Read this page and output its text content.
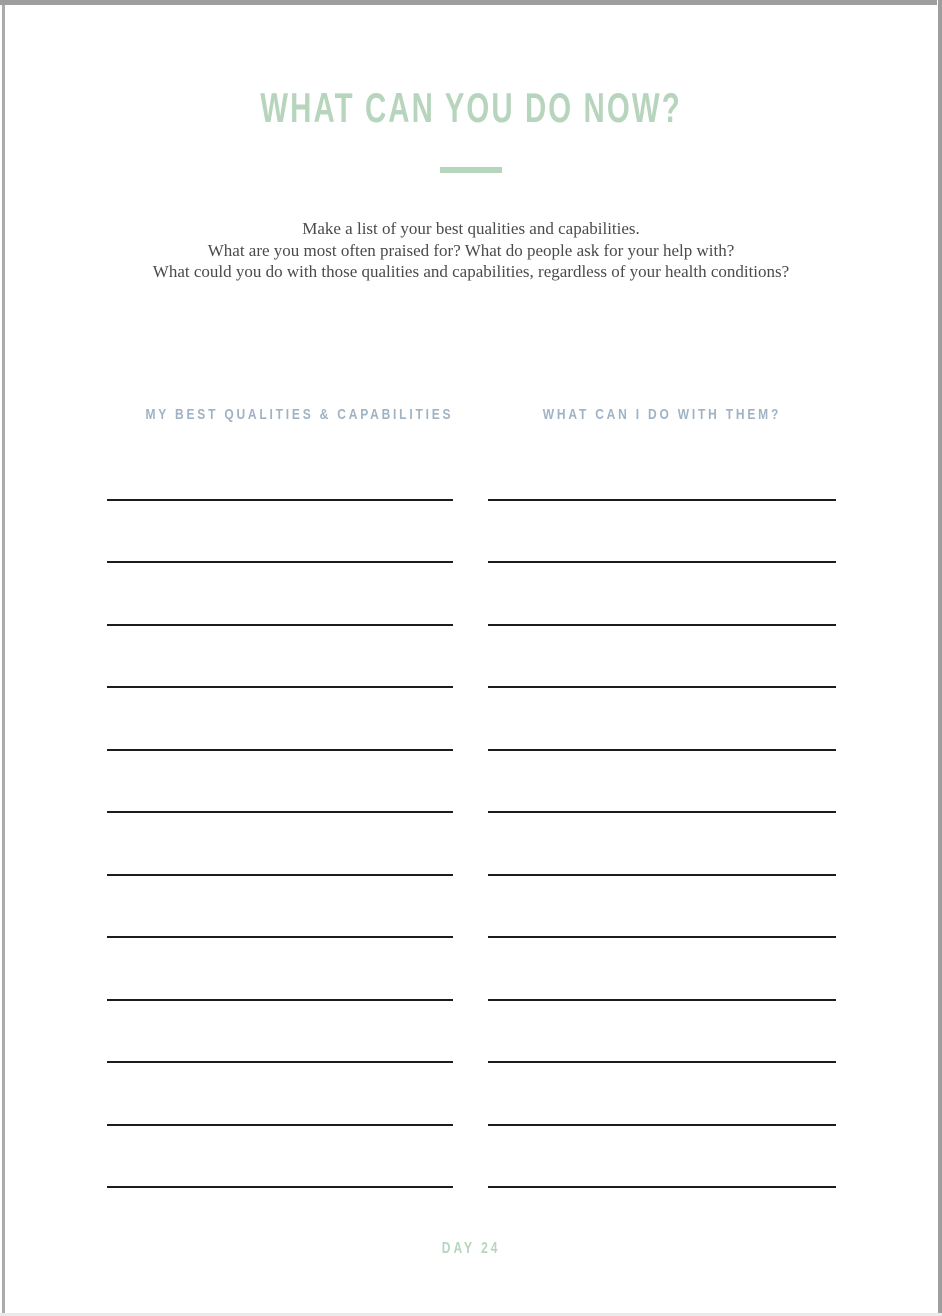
WHAT CAN YOU DO NOW?
Make a list of your best qualities and capabilities.
What are you most often praised for? What do people ask for your help with?
What could you do with those qualities and capabilities, regardless of your health conditions?
MY BEST QUALITIES & CAPABILITIES	WHAT CAN I DO WITH THEM?
DAY 24
